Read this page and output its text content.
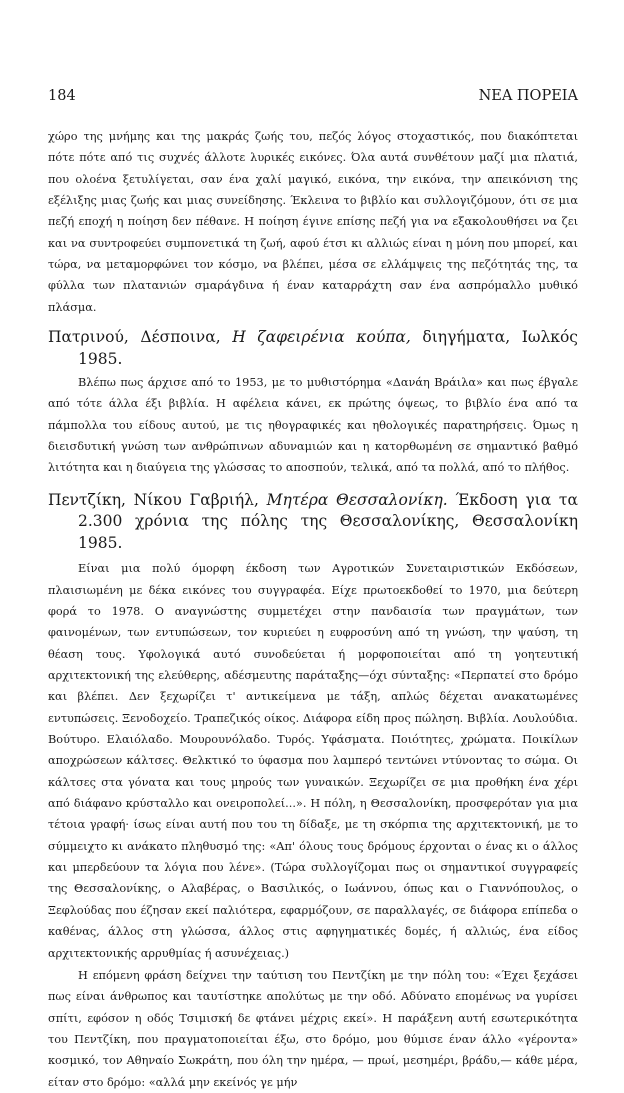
184	ΝΕΑ ΠΟΡΕΙΑ

χώρο της μνήμης και της μακράς ζωής του, πεζός λόγος στοχαστικός, που διακόπτεται πότε πότε από τις συχνές άλλοτε λυρικές εικόνες. Όλα αυτά συνθέτουν μαζί μια πλατιά, που ολοένα ξετυλίγεται, σαν ένα χαλί μαγικό, εικόνα, την εικόνα, την απεικόνιση της εξέλιξης μιας ζωής και μιας συνείδησης. Έκλεινα το βιβλίο και συλλογιζόμουν, ότι σε μια πεζή εποχή η ποίηση δεν πέθανε. Η ποίηση έγινε επίσης πεζή για να εξακολουθήσει να ζει και να συντροφεύει συμπονετικά τη ζωή, αφού έτσι κι αλλιώς είναι η μόνη που μπορεί, και τώρα, να μεταμορφώνει τον κόσμο, να βλέπει, μέσα σε ελλάμψεις της πεζότητάς της, τα φύλλα των πλατανιών σμαράγδινα ή έναν καταρράχτη σαν ένα ασπρόμαλλο μυθικό πλάσμα.

Πατρινού, Δέσποινα, Η ζαφειρένια κούπα, διηγήματα, Ιωλκός 1985.

Βλέπω πως άρχισε από το 1953, με το μυθιστόρημα «Δανάη Βράιλα» και πως έβγαλε από τότε άλλα έξι βιβλία. Η αφέλεια κάνει, εκ πρώτης όψεως, το βιβλίο ένα από τα πάμπολλα του είδους αυτού, με τις ηθογραφικές και ηθολογικές παρατηρήσεις. Όμως η διεισδυτική γνώση των ανθρώπινων αδυναμιών και η κατορθωμένη σε σημαντικό βαθμό λιτότητα και η διαύγεια της γλώσσας το αποσπούν, τελικά, από τα πολλά, από το πλήθος.

Πεντζίκη, Νίκου Γαβριήλ, Μητέρα Θεσσαλονίκη. Έκδοση για τα 2.300 χρόνια της πόλης της Θεσσαλονίκης, Θεσσαλονίκη 1985.

Είναι μια πολύ όμορφη έκδοση των Αγροτικών Συνεταιριστικών Εκδόσεων, πλαισιωμένη με δέκα εικόνες του συγγραφέα. Είχε πρωτοεκδοθεί το 1970, μια δεύτερη φορά το 1978. Ο αναγνώστης συμμετέχει στην πανδαισία των πραγμάτων, των φαινομένων, των εντυπώσεων, τον κυριεύει η ευφροσύνη από τη γνώση, την ψαύση, τη θέαση τους. Υφολογικά αυτό συνοδεύεται ή μορφοποιείται από τη γοητευτική αρχιτεκτονική της ελεύθερης, αδέσμευτης παράταξης—όχι σύνταξης: «Περπατεί στο δρόμο και βλέπει. Δεν ξεχωρίζει τ' αντικείμενα με τάξη, απλώς δέχεται ανακατωμένες εντυπώσεις. Ξενοδοχείο. Τραπεζικός οίκος. Διάφορα είδη προς πώληση. Βιβλία. Λουλούδια. Βούτυρο. Ελαιόλαδο. Μουρουνόλαδο. Τυρός. Υφάσματα. Ποιότητες, χρώματα. Ποικίλων αποχρώσεων κάλτσες. Θελκτικό το ύφασμα που λαμπερό τεντώνει ντύνοντας το σώμα. Οι κάλτσες στα γόνατα και τους μηρούς των γυναικών. Ξεχωρίζει σε μια προθήκη ένα χέρι από διάφανο κρύσταλλο και ονειροπολεί...». Η πόλη, η Θεσσαλονίκη, προσφερόταν για μια τέτοια γραφή· ίσως είναι αυτή που του τη δίδαξε, με τη σκόρπια της αρχιτεκτονική, με το σύμμειχτο κι ανάκατο πληθυσμό της: «Απ' όλους τους δρόμους έρχονται ο ένας κι ο άλλος και μπερδεύουν τα λόγια που λένε». (Τώρα συλλογίζομαι πως οι σημαντικοί συγγραφείς της Θεσσαλονίκης, ο Αλαβέρας, ο Βασιλικός, ο Ιωάννου, όπως και ο Γιαννόπουλος, ο Ξεφλούδας που έζησαν εκεί παλιότερα, εφαρμόζουν, σε παραλλαγές, σε διάφορα επίπεδα ο καθένας, άλλος στη γλώσσα, άλλος στις αφηγηματικές δομές, ή αλλιώς, ένα είδος αρχιτεκτονικής αρρυθμίας ή ασυνέχειας.)

Η επόμενη φράση δείχνει την ταύτιση του Πεντζίκη με την πόλη του: «Έχει ξεχάσει πως είναι άνθρωπος και ταυτίστηκε απολύτως με την οδό. Αδύνατο επομένως να γυρίσει σπίτι, εφόσον η οδός Τσιμισκή δε φτάνει μέχρις εκεί». Η παράξενη αυτή εσωτερικότητα του Πεντζίκη, που πραγματοποιείται έξω, στο δρόμο, μου θύμισε έναν άλλο «γέροντα» κοσμικό, τον Αθηναίο Σωκράτη, που όλη την ημέρα, — πρωί, μεσημέρι, βράδυ,— κάθε μέρα, είταν στο δρόμο: «αλλά μην εκείνός γε μήν
